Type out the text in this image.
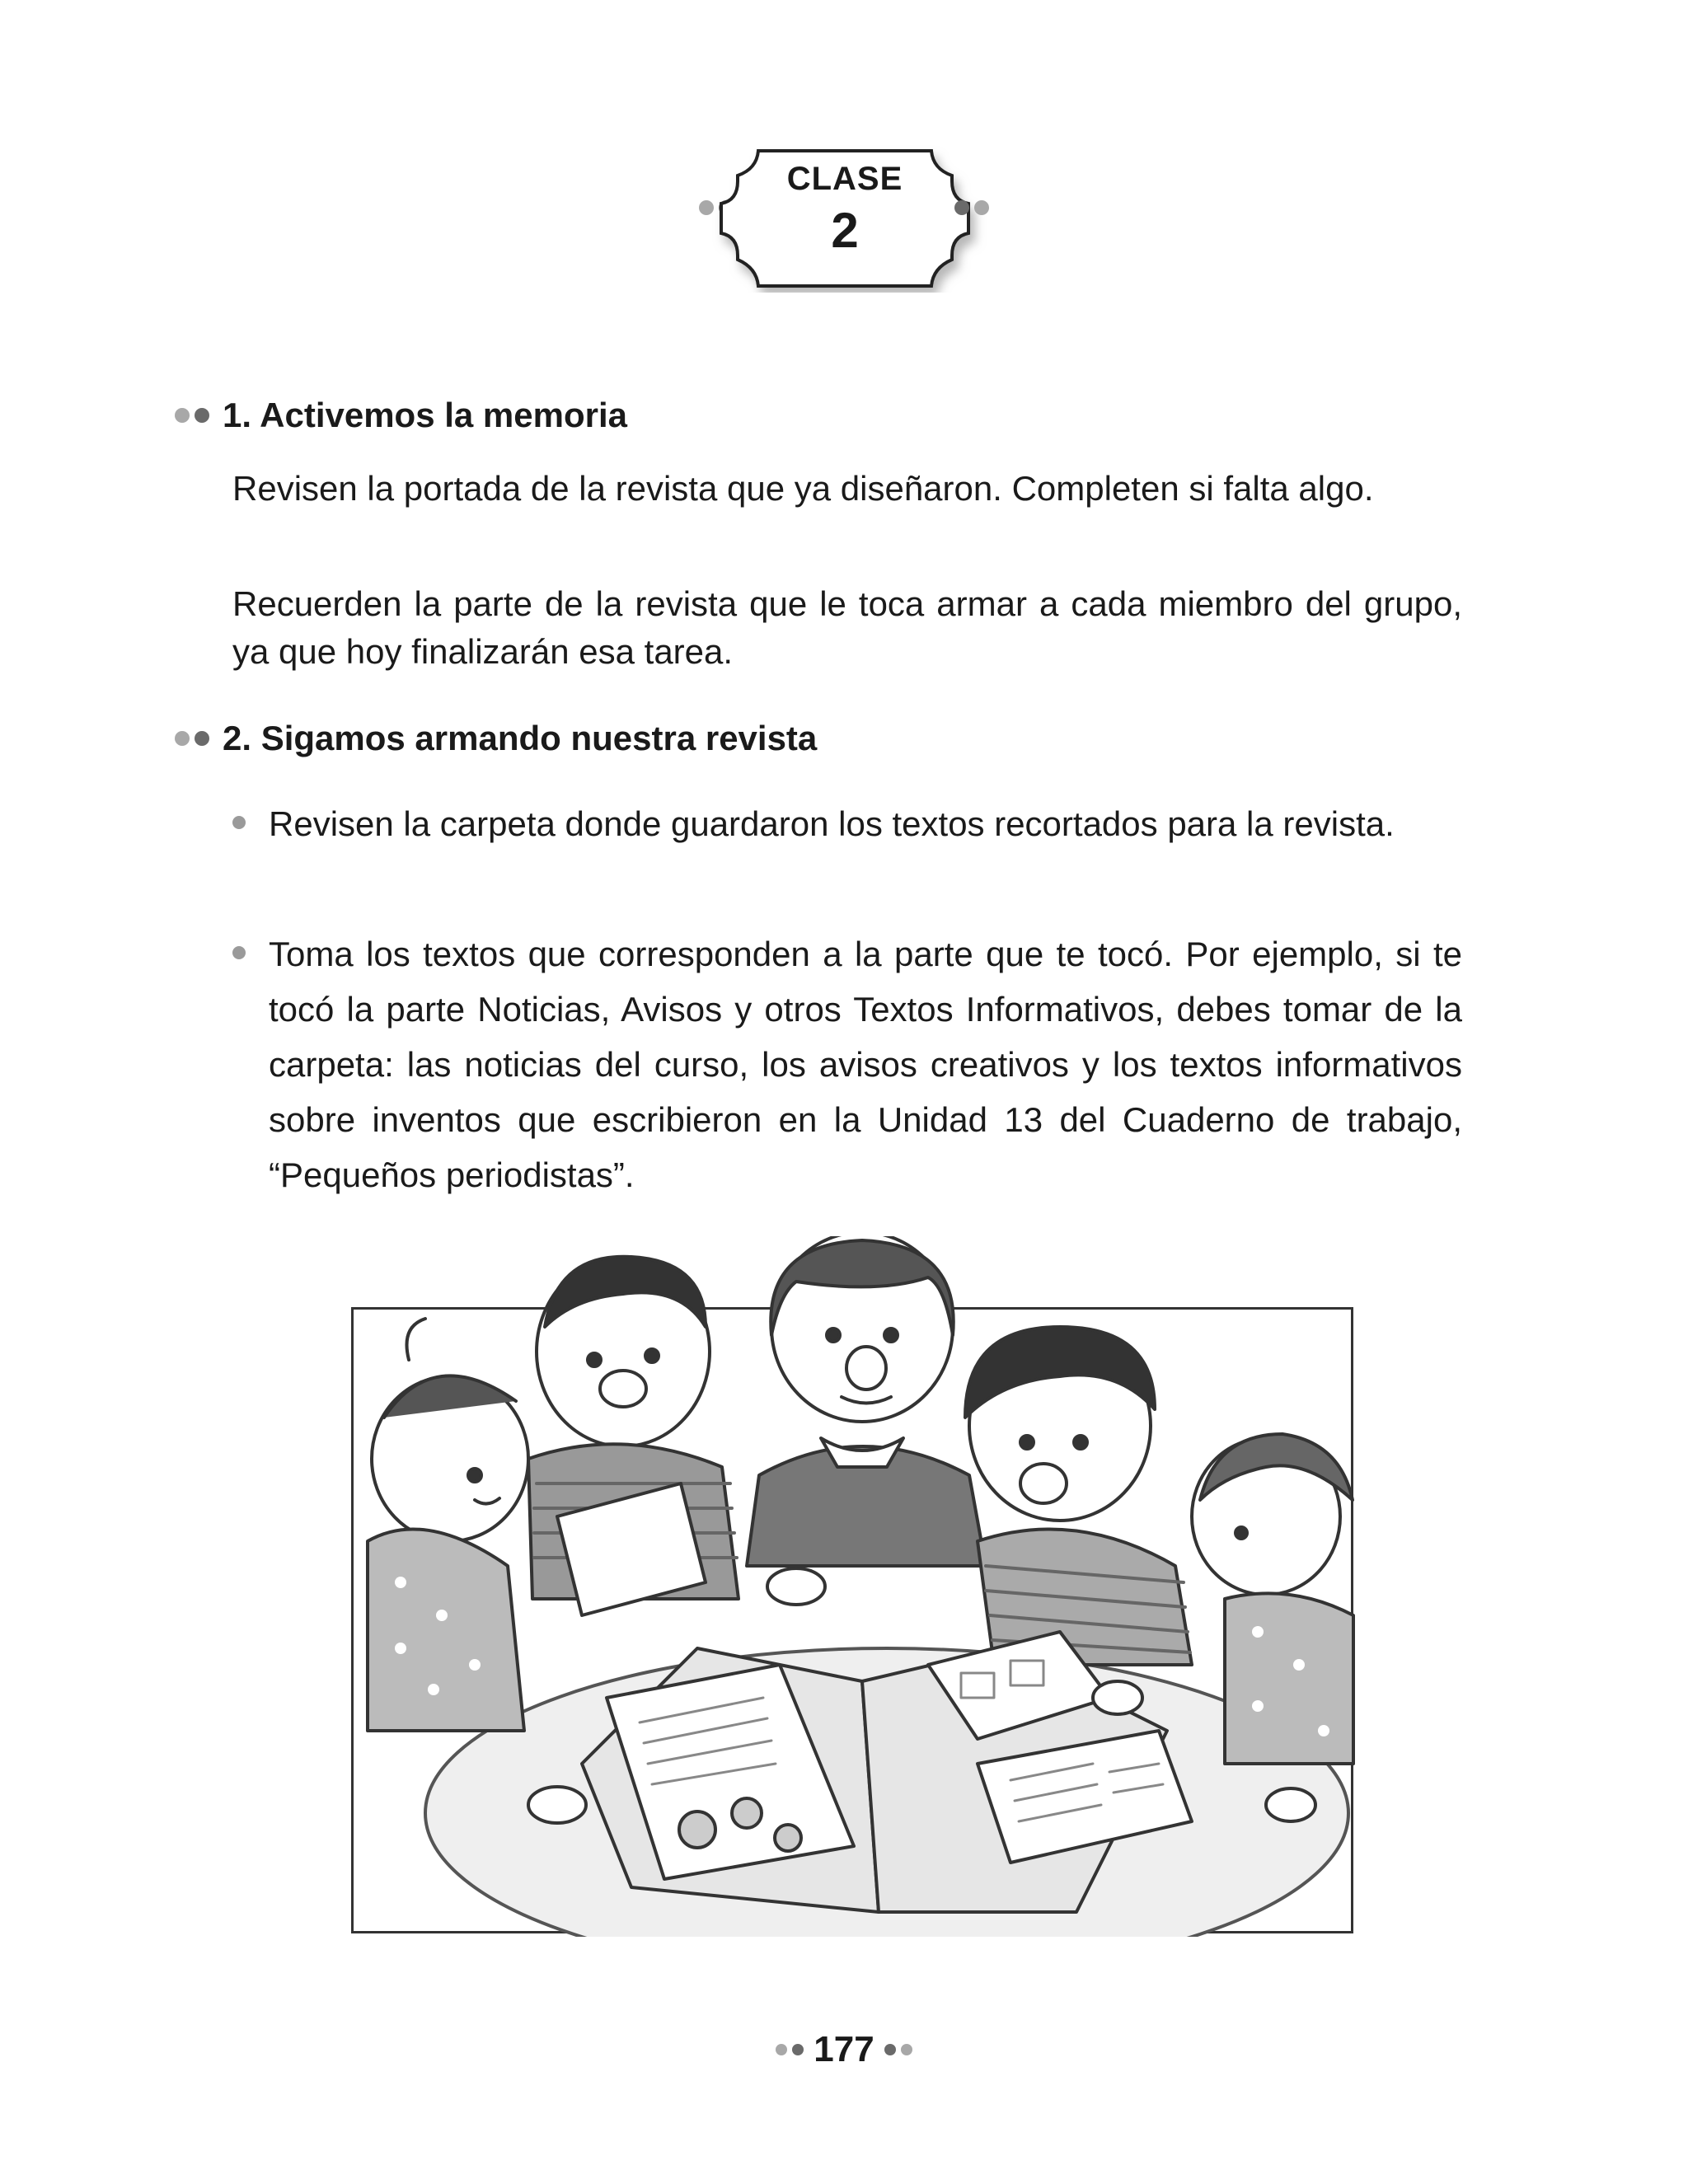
CLASE
2
1. Activemos la memoria

Revisen la portada de la revista que ya diseñaron. Completen si falta algo.

Recuerden la parte de la revista que le toca armar a cada miembro del grupo, ya que hoy finalizarán esa tarea.

2. Sigamos armando nuestra revista

Revisen la carpeta donde guardaron los textos recortados para la revista.

Toma los textos que corresponden a la parte que te tocó. Por ejemplo, si te tocó la parte Noticias, Avisos y otros Textos Informativos, debes tomar de la carpeta: las noticias del curso, los avisos creativos y los textos informativos sobre inventos que escribieron en la Unidad 13 del Cuaderno de trabajo, “Pequeños periodistas”.

177
